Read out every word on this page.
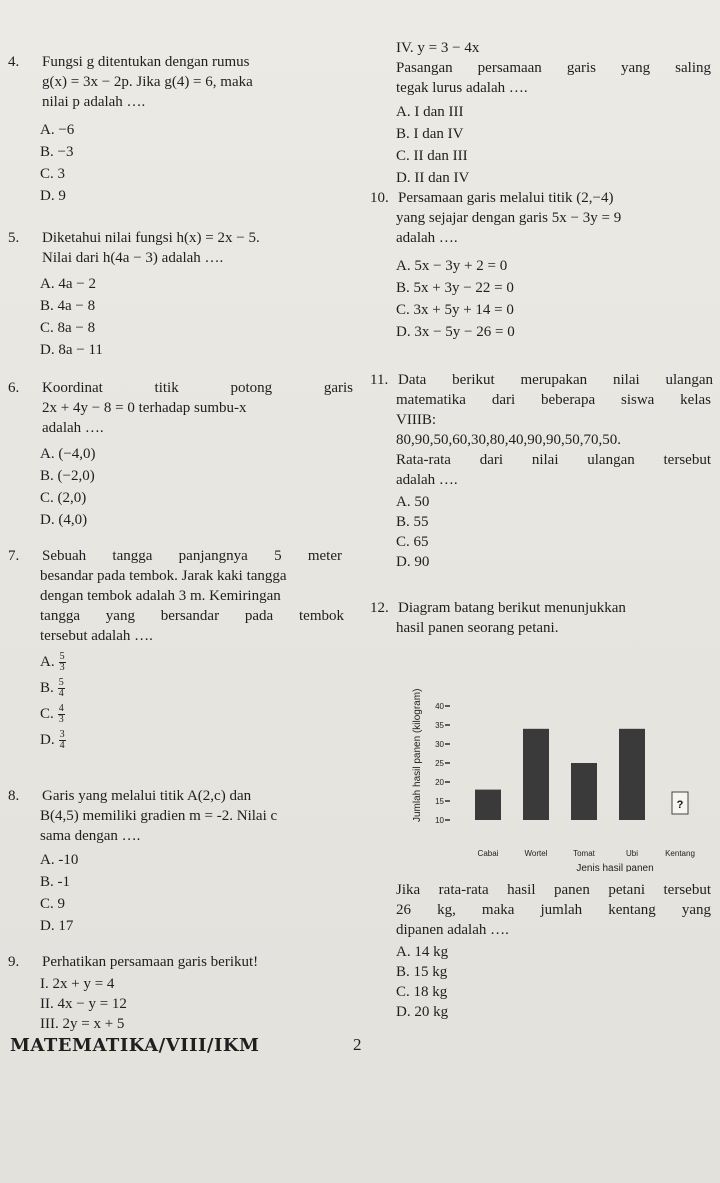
4. Fungsi g ditentukan dengan rumus
g(x) = 3x − 2p. Jika g(4) = 6, maka
nilai p adalah ….
A. −6
B. −3
C. 3
D. 9
5. Diketahui nilai fungsi h(x) = 2x − 5.
Nilai dari h(4a − 3) adalah ….
A. 4a − 2
B. 4a − 8
C. 8a − 8
D. 8a − 11
6. Koordinat titik potong garis
2x + 4y − 8 = 0 terhadap sumbu-x
adalah ….
A. (−4,0)
B. (−2,0)
C. (2,0)
D. (4,0)
7. Sebuah tangga panjangnya 5 meter
besandar pada tembok. Jarak kaki tangga
dengan tembok adalah 3 m. Kemiringan
tangga yang bersandar pada tembok
tersebut adalah ….
A. $\frac{5}{3}$
B. $\frac{5}{4}$
C. $\frac{4}{3}$
D. $\frac{3}{4}$
8. Garis yang melalui titik A(2,c) dan
B(4,5) memiliki gradien m = -2. Nilai c
sama dengan ….
A. -10
B. -1
C. 9
D. 17
9. Perhatikan persamaan garis berikut!
I. 2x + y = 4
II. 4x − y = 12
III. 2y = x + 5
IV. y = 3 − 4x
Pasangan persamaan garis yang saling
tegak lurus adalah ….
A. I dan III
B. I dan IV
C. II dan III
D. II dan IV
10. Persamaan garis melalui titik (2,−4)
yang sejajar dengan garis 5x − 3y = 9
adalah ….
A. 5x − 3y + 2 = 0
B. 5x + 3y − 22 = 0
C. 3x + 5y + 14 = 0
D. 3x − 5y − 26 = 0
11. Data berikut merupakan nilai ulangan
matematika dari beberapa siswa kelas
VIIIB:
80,90,50,60,30,80,40,90,90,50,70,50.
Rata-rata dari nilai ulangan tersebut
adalah ….
A. 50
B. 55
C. 65
D. 90
12. Diagram batang berikut menunjukkan
hasil panen seorang petani.
Jumlah hasil panen (kilogram) 10
15
20
25
30
35
40
Cabai	Wortel	Tomat	Ubi
?
Kentang
Jenis hasil panen
Jika rata-rata hasil panen petani tersebut
26 kg, maka jumlah kentang yang
dipanen adalah ….
A. 14 kg
B. 15 kg
C. 18 kg
D. 20 kg
MATEMATIKA/VIII/IKM	2
